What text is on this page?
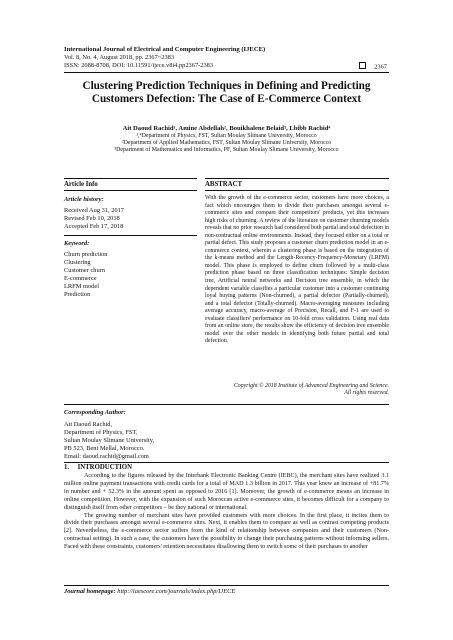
International Journal of Electrical and Computer Engineering (IJECE)
Vol. 8, No. 4, August 2018, pp. 2367~2383
ISSN: 2088-8708, DOI: 10.11591/ijece.v8i4.pp2367-2383	2367
Clustering Prediction Techniques in Defining and Predicting Customers Defection: The Case of E-Commerce Context
Ait Daoud Rachid¹, Amine Abdellah², Bouikhalene Belaid³, Lbibb Rachid⁴
¹,⁴Department of Physics, FST, Sultan Moulay Slimane University, Morocco
²Department of Applied Mathematics, FST, Sultan Moulay Slimane University, Morocco
³Department of Mathematics and Informatics, PF, Sultan Moulay Slimane University, Morocco
Article Info	ABSTRACT
Article history:
Received Aug 31, 2017
Revised Feb 10, 2018
Accepted Feb 17, 2018
Keyword:
Churn prediction
Clustering
Customer churn
E-commerce
LRFM model
Prediction
With the growth of the e-commerce sector, customers have more choices, a fact which encourages them to divide their purchases amongst several e-commerce sites and compare their competitors' products, yet this increases high risks of churning. A review of the literature on customer churning models reveals that no prior research had considered both partial and total defection in non-contractual online environments. Instead, they focused either on a total or partial defect. This study proposes a customer churn prediction model in an e-commerce context, wherein a clustering phase is based on the integration of the k-means method and the Length-Recency-Frequency-Monetary (LRFM) model. This phase is employed to define churn followed by a multi-class prediction phase based on three classification techniques: Simple decision tree, Artificial neural networks and Decision tree ensemble, in which the dependent variable classifies a particular customer into a customer continuing loyal buying patterns (Non-churned), a partial defector (Partially-churned), and a total defector (Totally-churned). Macro-averaging measures including average accuracy, macro-average of Precision, Recall, and F-1 are used to evaluate classifiers' performance on 10-fold cross validation. Using real data from an online store, the results show the efficiency of decision tree ensemble model over the other models in identifying both future partial and total defection.
Copyright © 2018 Institute of Advanced Engineering and Science.
All rights reserved.
Corresponding Author:
Ait Daoud Rachid,
Department of Physics, FST,
Sultan Moulay Slimane University,
PB 523, Beni Mellal, Morocco.
Email: daoud.rachid@gmail.com
1.     INTRODUCTION

According to the figures released by the Interbank Electronic Banking Centre (IEBC), the merchant sites have realized 3.1 million online payment transactions with credit cards for a total of MAD 1.3 billion in 2017. This year knew an increase of +81.7% in number and + 52.3% in the amount spent as opposed to 2016 [1]. Moreover, the growth of e-commerce means an increase in online competition. However, with the expansion of such Moroccan active e-commerce sites, it becomes difficult for a company to distinguish itself from other competitors – be they national or international.

The growing number of merchant sites have provided customers with more choices. In the first place, it incites them to divide their purchases amongst several e-commerce sites. Next, it enables them to compare as well as contrast competing products [2]. Nevertheless, the e-commerce sector suffers from the kind of relationship between companies and their customers (Non-contractual setting). In such a case, the customers have the possibility to change their purchasing patterns without informing sellers. Faced with these constraints, customers' retention necessitates disallowing them to switch some of their purchases to another

Journal homepage: http://iaescore.com/journals/index.php/IJECE
